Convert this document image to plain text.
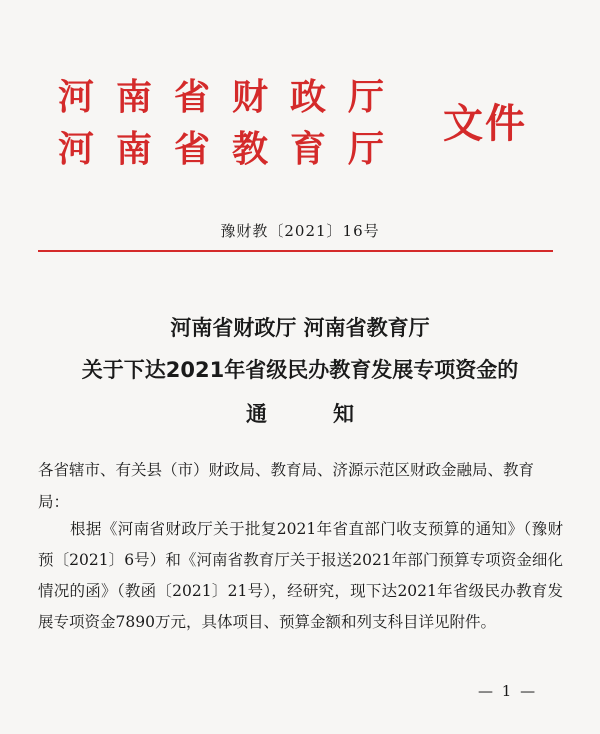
河南省财政厅
河南省教育厅
文件
豫财教〔2021〕16号
河南省财政厅 河南省教育厅
关于下达2021年省级民办教育发展专项资金的
通知
各省辖市、有关县（市）财政局、教育局、济源示范区财政金融局、教育局：
根据《河南省财政厅关于批复2021年省直部门收支预算的通知》（豫财预〔2021〕6号）和《河南省教育厅关于报送2021年部门预算专项资金细化情况的函》（教函〔2021〕21号），经研究，现下达2021年省级民办教育发展专项资金7890万元，具体项目、预算金额和列支科目详见附件。
— 1 —
